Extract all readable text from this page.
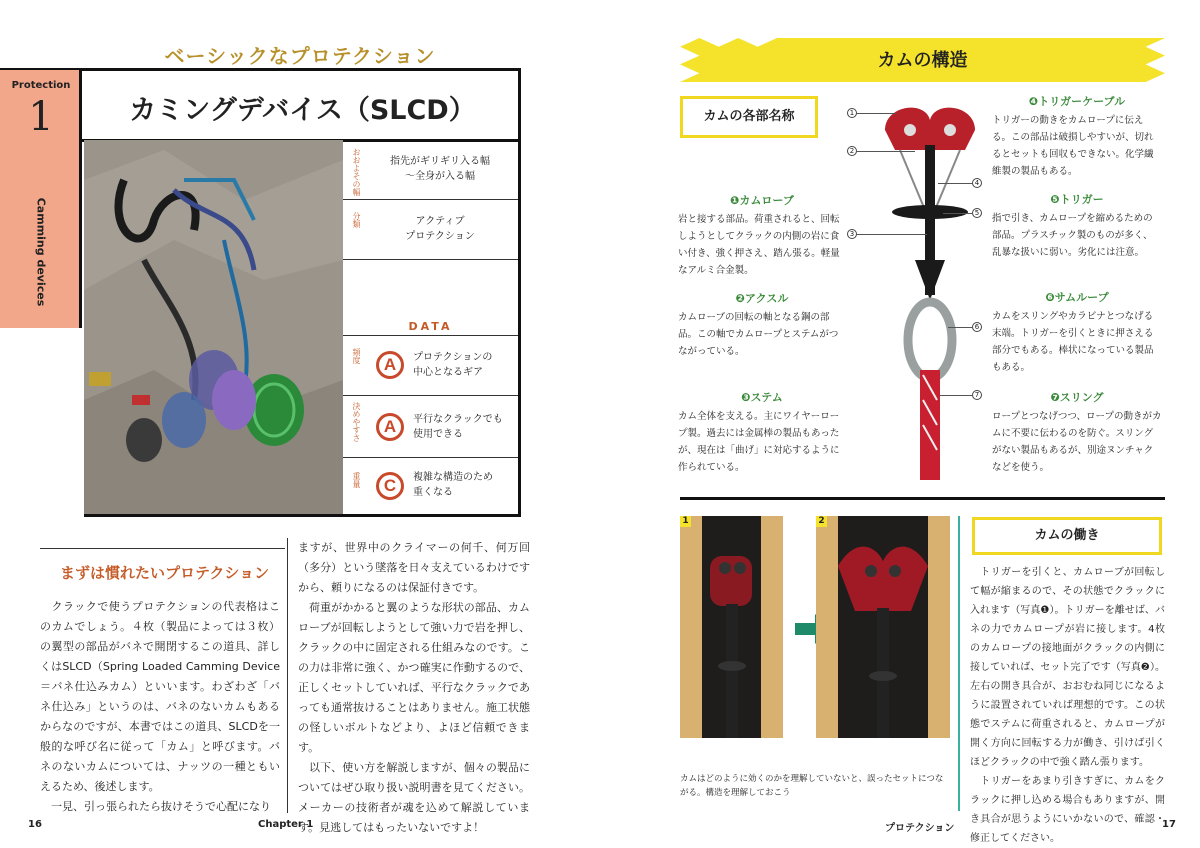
ベーシックなプロテクション
Protection
1
Camming devices
カミングデバイス（SLCD）
おおよその幅	指先がギリギリ入る幅
〜全身が入る幅
分類	アクティブ
プロテクション
DATA
頻度	A	プロテクションの
中心となるギア
決めやすさ	A	平行なクラックでも
使用できる
重量	C	複雑な構造のため
重くなる
まずは慣れたいプロテクション
　クラックで使うプロテクションの代表格はこのカムでしょう。４枚（製品によっては３枚）の翼型の部品がバネで開閉するこの道具、詳しくはSLCD（Spring Loaded Camming Device＝バネ仕込みカム）といいます。わざわざ「バネ仕込み」というのは、バネのないカムもあるからなのですが、本書ではこの道具、SLCDを一般的な呼び名に従って「カム」と呼びます。バネのないカムについては、ナッツの一種ともいえるため、後述します。
　一見、引っ張られたら抜けそうで心配になり
ますが、世界中のクライマーの何千、何万回（多分）という墜落を日々支えているわけですから、頼りになるのは保証付きです。
　荷重がかかると翼のような形状の部品、カムローブが回転しようとして強い力で岩を押し、クラックの中に固定される仕組みなのです。この力は非常に強く、かつ確実に作動するので、正しくセットしていれば、平行なクラックであっても通常抜けることはありません。施工状態の怪しいボルトなどより、よほど信頼できます。
　以下、使い方を解説しますが、個々の製品についてはぜひ取り扱い説明書を見てください。メーカーの技術者が魂を込めて解説しています。見逃してはもったいないですよ！
16	Chapter 1
カムの構造
カムの各部名称	1
2
3
4
5
6
7
❶カムローブ
岩と接する部品。荷重されると、回転しようとしてクラックの内側の岩に食い付き、強く押さえ、踏ん張る。軽量なアルミ合金製。
❷アクスル
カムローブの回転の軸となる鋼の部品。この軸でカムロープとステムがつながっている。
❸ステム
カム全体を支える。主にワイヤーロープ製。過去には金属棒の製品もあったが、現在は「曲げ」に対応するように作られている。
❹トリガーケーブル
トリガーの動きをカムロープに伝える。この部品は破損しやすいが、切れるとセットも回収もできない。化学繊維製の製品もある。
❺トリガー
指で引き、カムロープを縮めるための部品。プラスチック製のものが多く、乱暴な扱いに弱い。劣化には注意。
❻サムループ
カムをスリングやカラビナとつなげる末端。トリガーを引くときに押さえる部分でもある。棒状になっている製品もある。
❼スリング
ロープとつなげつつ、ロープの動きがカムに不要に伝わるのを防ぐ。スリングがない製品もあるが、別途ヌンチャクなどを使う。
1	2
カムはどのように効くのかを理解していないと、誤ったセットにつながる。構造を理解しておこう
カムの働き
　トリガーを引くと、カムローブが回転して幅が縮まるので、その状態でクラックに入れます（写真❶）。トリガーを離せば、バネの力でカムロープが岩に接します。4枚のカムロープの接地面がクラックの内側に接していれば、セット完了です（写真❷）。左右の開き具合が、おおむね同じになるように設置されていれば理想的です。この状態でステムに荷重されると、カムロープが開く方向に回転する力が働き、引けば引くほどクラックの中で強く踏ん張ります。
　トリガーをあまり引きすぎに、カムをクラックに押し込める場合もありますが、開き具合が思うようにいかないので、確認・修正してください。
プロテクション	17
